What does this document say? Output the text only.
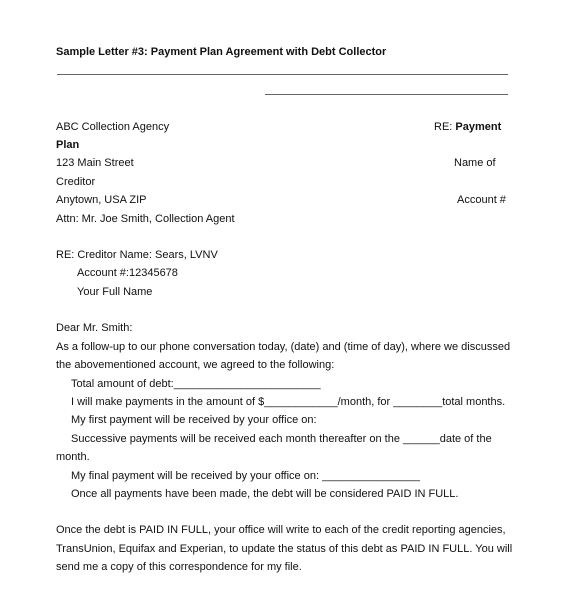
Sample Letter #3: Payment Plan Agreement with Debt Collector
ABC Collection Agency	RE: Payment
Plan
123 Main Street	Name of
Creditor
Anytown, USA ZIP	Account #
Attn: Mr. Joe Smith, Collection Agent
RE: Creditor Name: Sears, LVNV
Account #:12345678
Your Full Name
Dear Mr. Smith:
As a follow-up to our phone conversation today, (date) and (time of day), where we discussed
the abovementioned account, we agreed to the following:
Total amount of debt:________________________
I will make payments in the amount of $____________/month, for ________total months.
My first payment will be received by your office on:
Successive payments will be received each month thereafter on the ______date of the
month.
My final payment will be received by your office on: ________________
Once all payments have been made, the debt will be considered PAID IN FULL.
Once the debt is PAID IN FULL, your office will write to each of the credit reporting agencies,
TransUnion, Equifax and Experian, to update the status of this debt as PAID IN FULL. You will
send me a copy of this correspondence for my file.
